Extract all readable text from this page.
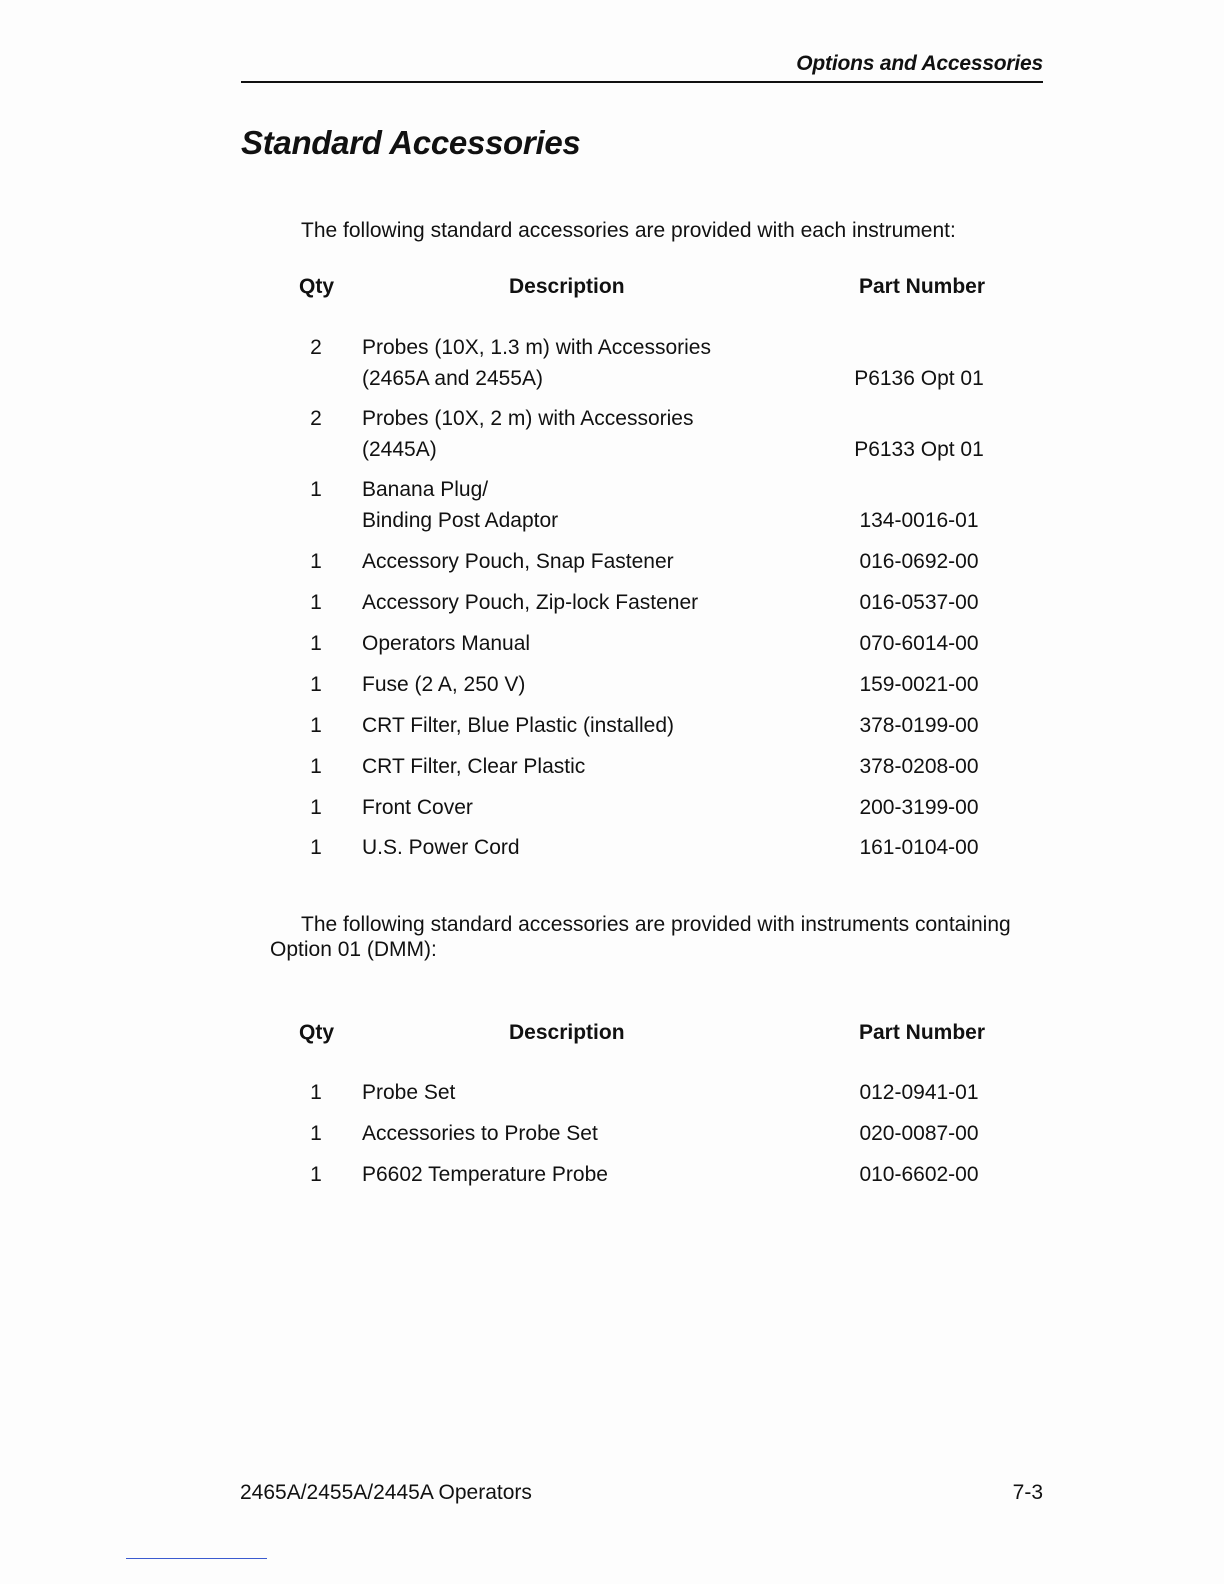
Options and Accessories
Standard Accessories
The following standard accessories are provided with each instrument:
Qty	Description	Part Number
2	Probes (10X, 1.3 m) with Accessories
(2465A and 2455A)	P6136 Opt 01
2	Probes (10X, 2 m) with Accessories
(2445A)	P6133 Opt 01
1	Banana Plug/
Binding Post Adaptor	134-0016-01
1	Accessory Pouch, Snap Fastener	016-0692-00
1	Accessory Pouch, Zip-lock Fastener	016-0537-00
1	Operators Manual	070-6014-00
1	Fuse (2 A, 250 V)	159-0021-00
1	CRT Filter, Blue Plastic (installed)	378-0199-00
1	CRT Filter, Clear Plastic	378-0208-00
1	Front Cover	200-3199-00
1	U.S. Power Cord	161-0104-00
The following standard accessories are provided with instruments containing Option 01 (DMM):
Qty	Description	Part Number
1	Probe Set	012-0941-01
1	Accessories to Probe Set	020-0087-00
1	P6602 Temperature Probe	010-6602-00
2465A/2455A/2445A Operators	7-3
